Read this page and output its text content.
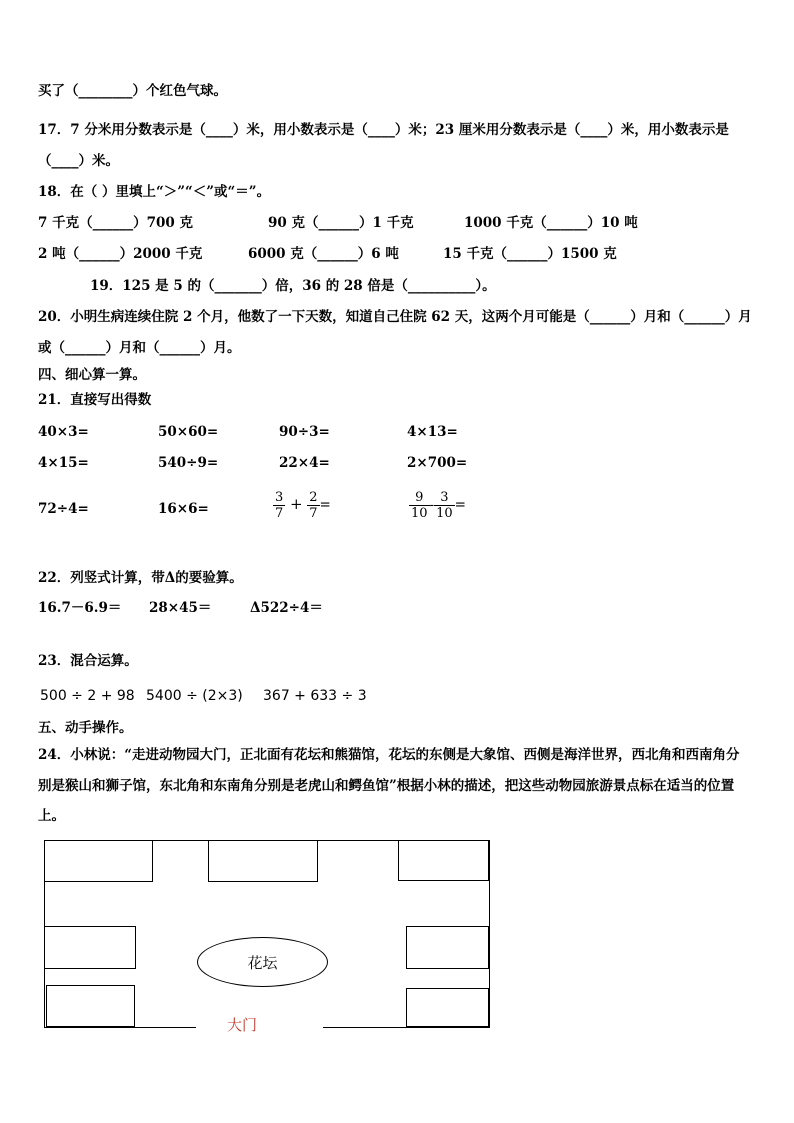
买了（________）个红色气球。
17．7 分米用分数表示是（____）米，用小数表示是（____）米；23 厘米用分数表示是（____）米，用小数表示是
（____）米。
18．在（ ）里填上“＞”“＜”或“＝”。
7 千克（______）700 克	90 克（______）1 千克	1000 千克（______）10 吨
2 吨（______）2000 千克	6000 克（______）6 吨	15 千克（______）1500 克
19．125 是 5 的（_______）倍，36 的 28 倍是（__________）。
20．小明生病连续住院 2 个月，他数了一下天数，知道自己住院 62 天，这两个月可能是（______）月和（______）月
或（______）月和（______）月。
四、细心算一算。
21．直接写出得数
40×3=	50×60=	90÷3=	4×13=
4×15=	540÷9=	22×4=	2×700=
72÷4=	16×6=	$\frac{3}{7} + \frac{2}{7}$ =	$\frac{9}{10} - \frac{3}{10}$ =
22．列竖式计算，带Δ的要验算。
16.7－6.9＝ 28×45＝	Δ522÷4＝
23．混合运算。
500 ÷ 2 + 98 5400 ÷ (2×3) 367 + 633 ÷ 3
五、动手操作。
24．小林说：“走进动物园大门，正北面有花坛和熊猫馆，花坛的东侧是大象馆、西侧是海洋世界，西北角和西南角分
别是猴山和狮子馆，东北角和东南角分别是老虎山和鳄鱼馆”根据小林的描述，把这些动物园旅游景点标在适当的位置
上。
花坛
大门
